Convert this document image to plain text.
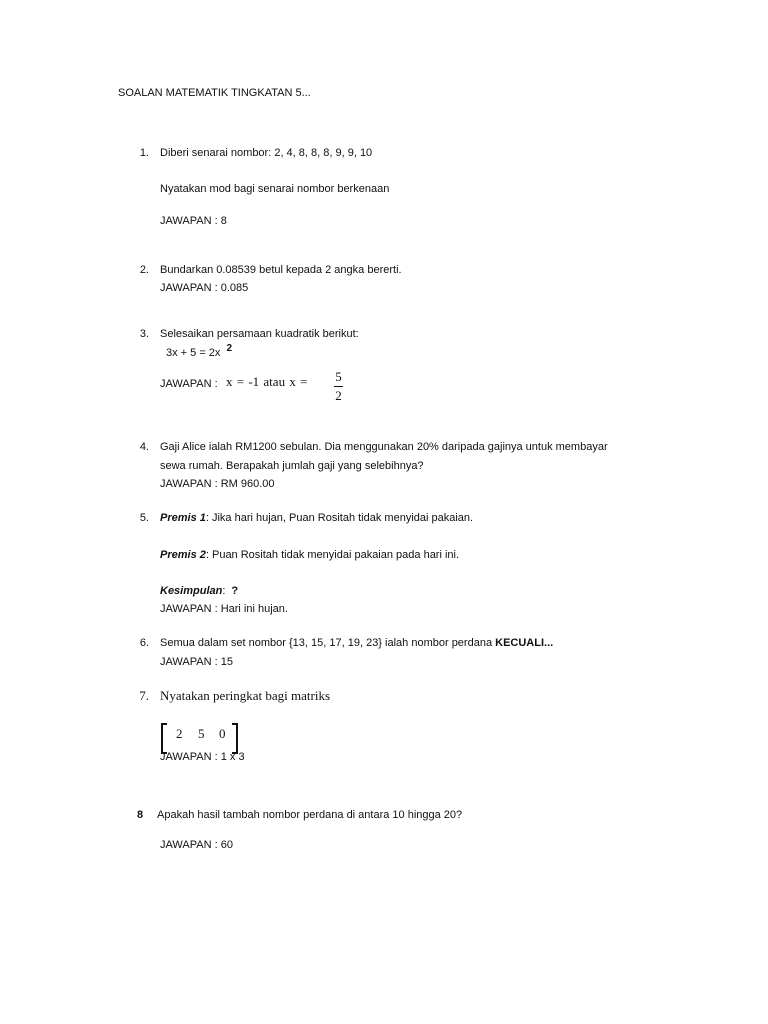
SOALAN MATEMATIK TINGKATAN 5...
1. Diberi senarai nombor: 2, 4, 8, 8, 8, 9, 9, 10
Nyatakan mod bagi senarai nombor berkenaan
JAWAPAN : 8
2. Bundarkan 0.08539 betul kepada 2 angka bererti.
JAWAPAN : 0.085
3. Selesaikan persamaan kuadratik berikut:
3x + 5 = 2x 2
JAWAPAN : x = -1 atau x = 5
2
4. Gaji Alice ialah RM1200 sebulan. Dia menggunakan 20% daripada gajinya untuk membayar
sewa rumah. Berapakah jumlah gaji yang selebihnya?
JAWAPAN : RM 960.00
5. Premis 1: Jika hari hujan, Puan Rositah tidak menyidai pakaian.
Premis 2: Puan Rositah tidak menyidai pakaian pada hari ini.
Kesimpulan: ?
JAWAPAN : Hari ini hujan.
6. Semua dalam set nombor {13, 15, 17, 19, 23} ialah nombor perdana KECUALI...
JAWAPAN : 15
7. Nyatakan peringkat bagi matriks
2 5 0
JAWAPAN : 1 x 3
8 Apakah hasil tambah nombor perdana di antara 10 hingga 20?
JAWAPAN : 60
